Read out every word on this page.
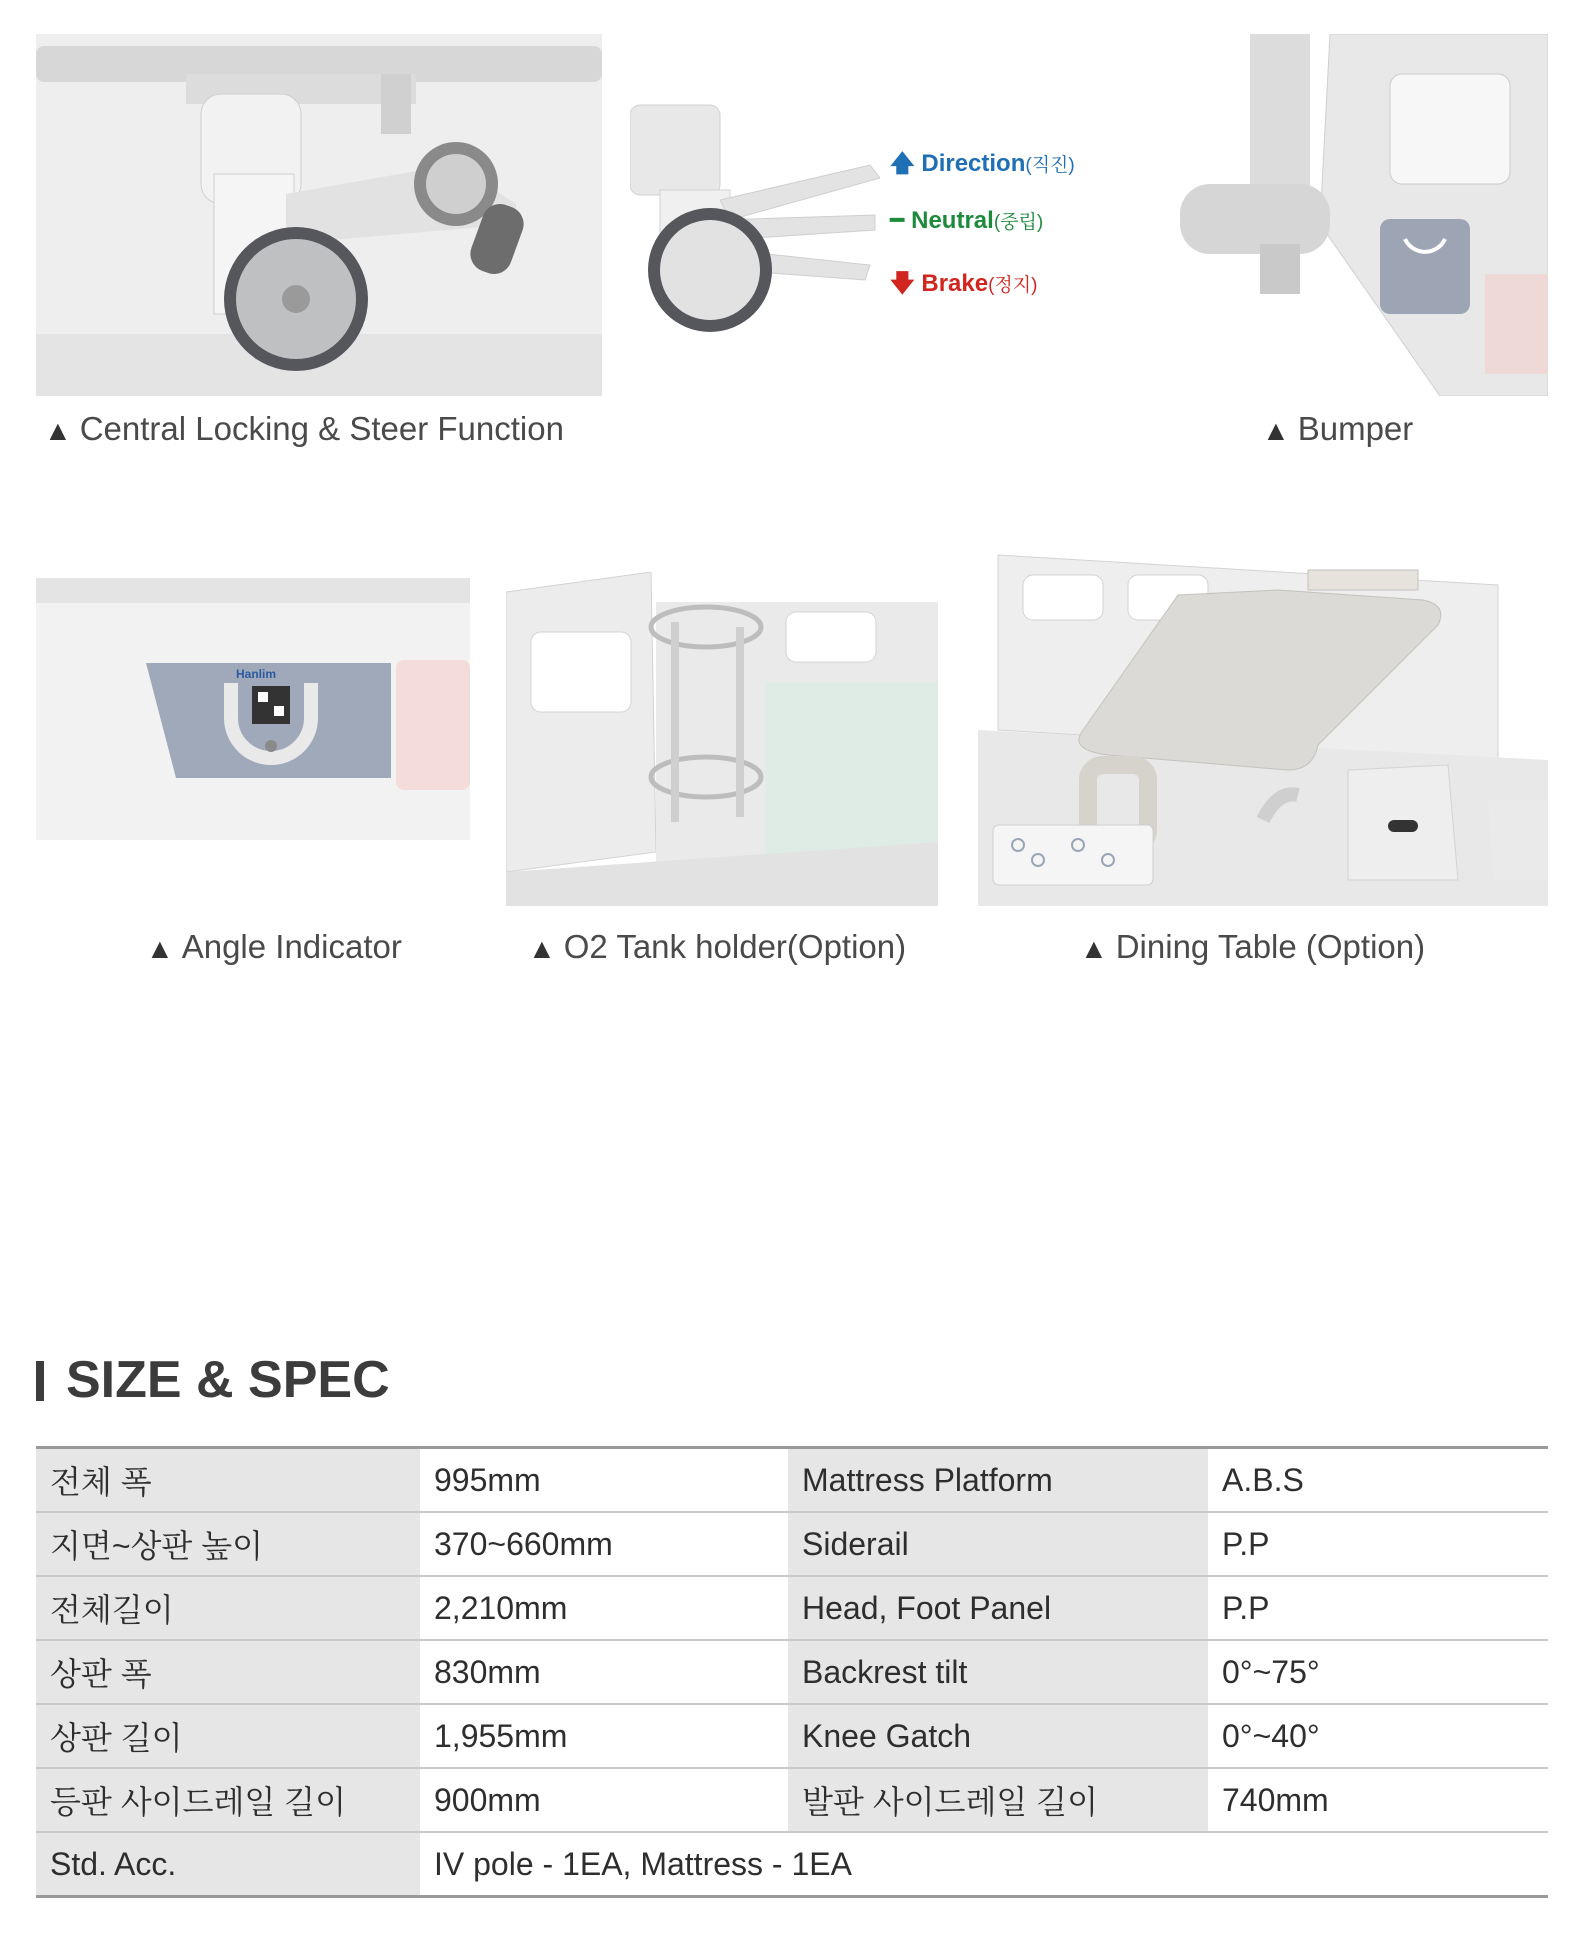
▲ Central Locking & Steer Function
🡅 Direction(직진)
━ Neutral(중립)
🡇 Brake(정지)
▲ Bumper
Hanlim
▲ Angle Indicator	▲ O2 Tank holder(Option)	▲ Dining Table (Option)
SIZE & SPEC
전체 폭	995mm	Mattress Platform	A.B.S
지면~상판 높이	370~660mm	Siderail	P.P
전체길이	2,210mm	Head, Foot Panel	P.P
상판 폭	830mm	Backrest tilt	0°~75°
상판 길이	1,955mm	Knee Gatch	0°~40°
등판 사이드레일 길이	900mm	발판 사이드레일 길이	740mm
Std. Acc.	IV pole - 1EA, Mattress - 1EA		
